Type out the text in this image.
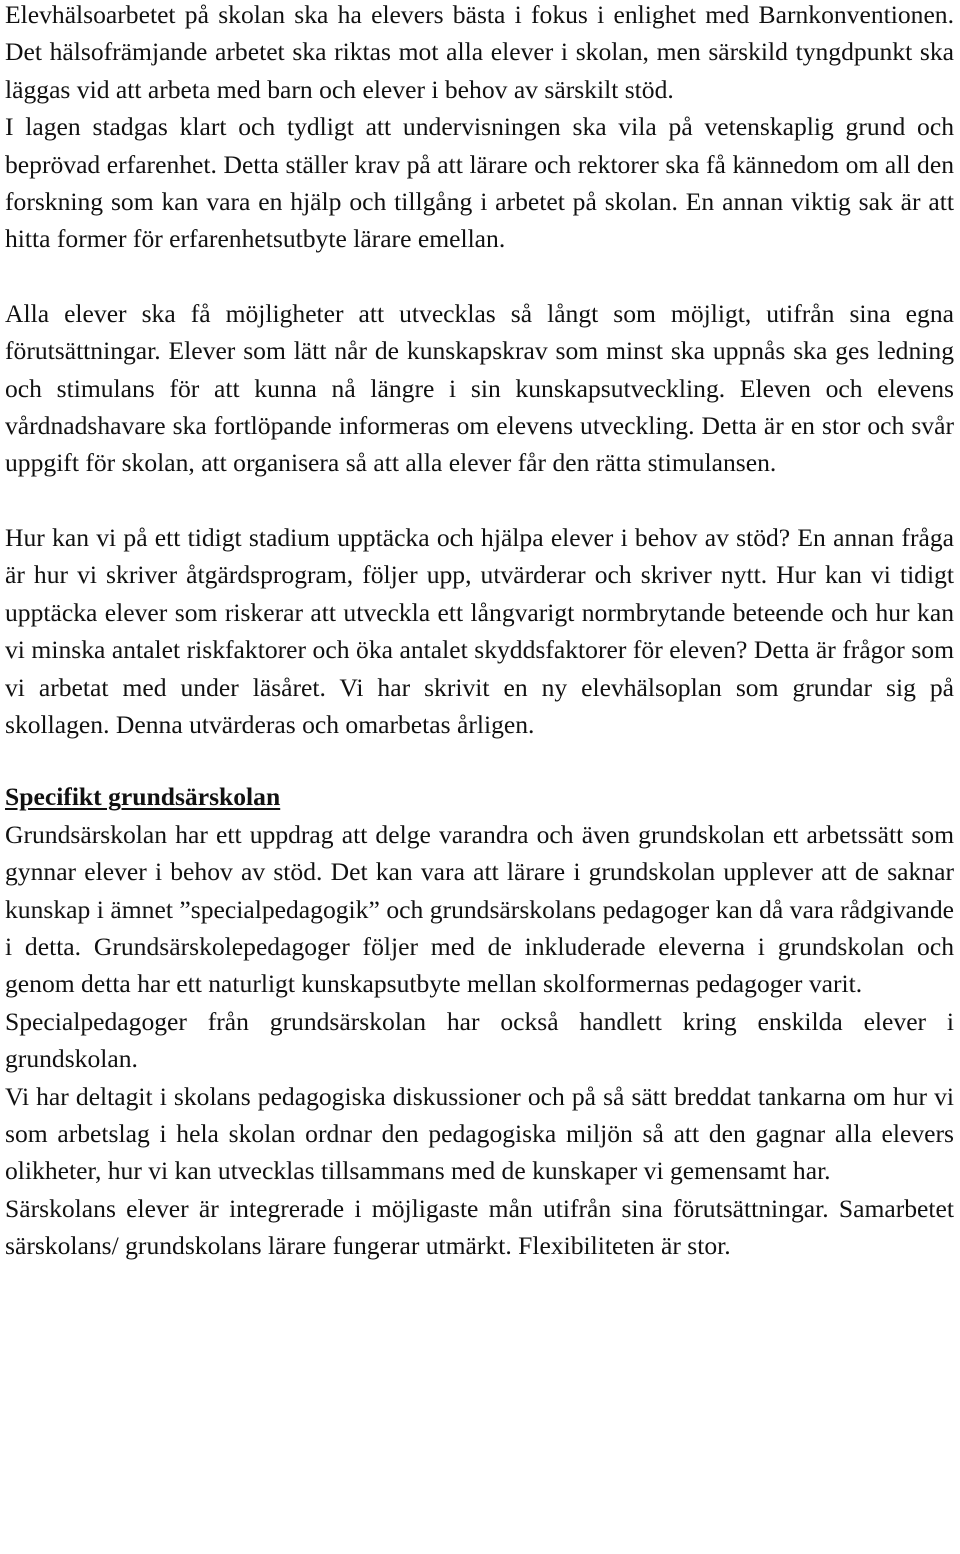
Elevhälsoarbetet på skolan ska ha elevers bästa i fokus i enlighet med Barnkonventionen. Det hälsofrämjande arbetet ska riktas mot alla elever i skolan, men särskild tyngdpunkt ska läggas vid att arbeta med barn och elever i behov av särskilt stöd.

I lagen stadgas klart och tydligt att undervisningen ska vila på vetenskaplig grund och beprövad erfarenhet. Detta ställer krav på att lärare och rektorer ska få kännedom om all den forskning som kan vara en hjälp och tillgång i arbetet på skolan. En annan viktig sak är att hitta former för erfarenhetsutbyte lärare emellan.

Alla elever ska få möjligheter att utvecklas så långt som möjligt, utifrån sina egna förutsättningar. Elever som lätt når de kunskapskrav som minst ska uppnås ska ges ledning och stimulans för att kunna nå längre i sin kunskapsutveckling. Eleven och elevens vårdnadshavare ska fortlöpande informeras om elevens utveckling. Detta är en stor och svår uppgift för skolan, att organisera så att alla elever får den rätta stimulansen.

Hur kan vi på ett tidigt stadium upptäcka och hjälpa elever i behov av stöd? En annan fråga är hur vi skriver åtgärdsprogram, följer upp, utvärderar och skriver nytt. Hur kan vi tidigt upptäcka elever som riskerar att utveckla ett långvarigt normbrytande beteende och hur kan vi minska antalet riskfaktorer och öka antalet skyddsfaktorer för eleven? Detta är frågor som vi arbetat med under läsåret. Vi har skrivit en ny elevhälsoplan som grundar sig på skollagen. Denna utvärderas och omarbetas årligen.

Specifikt grundsärskolan

Grundsärskolan har ett uppdrag att delge varandra och även grundskolan ett arbetssätt som gynnar elever i behov av stöd. Det kan vara att lärare i grundskolan upplever att de saknar kunskap i ämnet ”specialpedagogik” och grundsärskolans pedagoger kan då vara rådgivande i detta. Grundsärskolepedagoger följer med de inkluderade eleverna i grundskolan och genom detta har ett naturligt kunskapsutbyte mellan skolformernas pedagoger varit.

Specialpedagoger från grundsärskolan har också handlett kring enskilda elever i grundskolan.

Vi har deltagit i skolans pedagogiska diskussioner och på så sätt breddat tankarna om hur vi som arbetslag i hela skolan ordnar den pedagogiska miljön så att den gagnar alla elevers olikheter, hur vi kan utvecklas tillsammans med de kunskaper vi gemensamt har.

Särskolans elever är integrerade i möjligaste mån utifrån sina förutsättningar. Samarbetet särskolans/ grundskolans lärare fungerar utmärkt. Flexibiliteten är stor.
